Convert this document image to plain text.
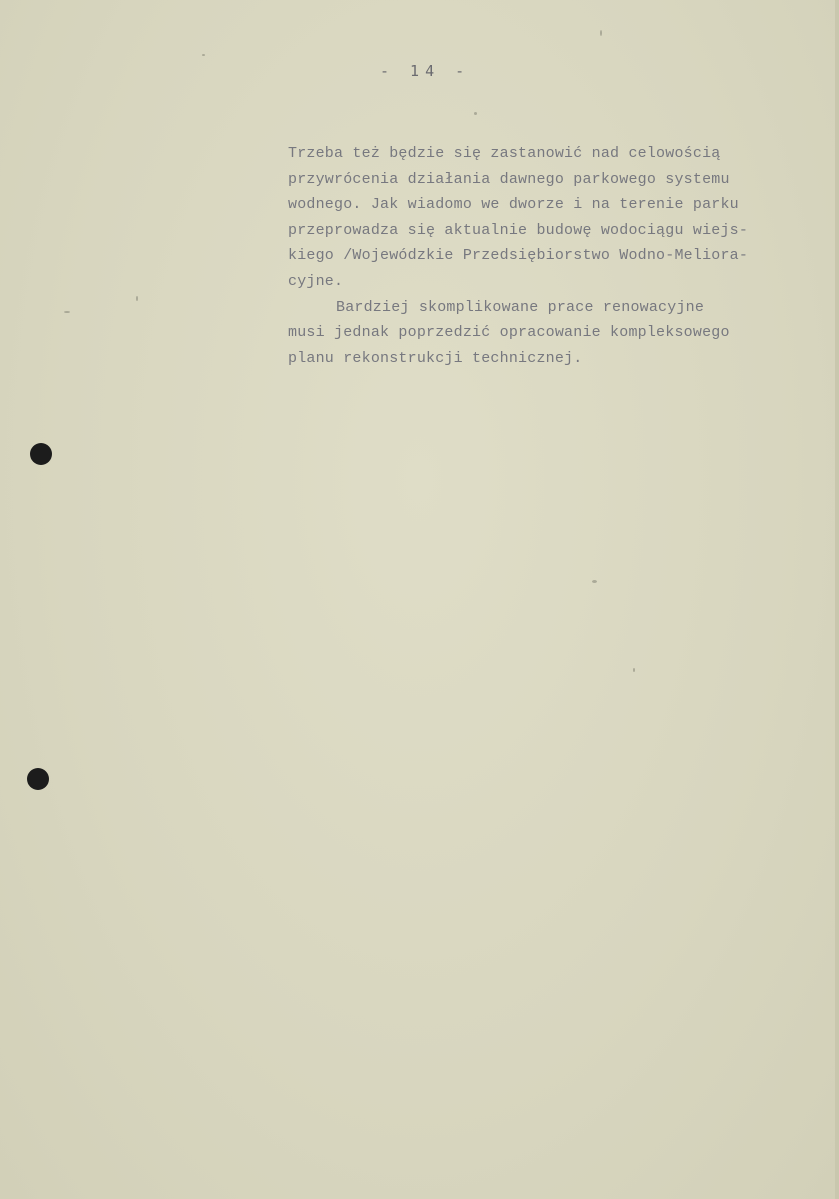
- 14 -
Trzeba też będzie się zastanowić nad celowością
przywrócenia działania dawnego parkowego systemu
wodnego. Jak wiadomo we dworze i na terenie parku
przeprowadza się aktualnie budowę wodociągu wiejs-
kiego /Wojewódzkie Przedsiębiorstwo Wodno-Meliora-
cyjne.
Bardziej skomplikowane prace renowacyjne
musi jednak poprzedzić opracowanie kompleksowego
planu rekonstrukcji technicznej.
